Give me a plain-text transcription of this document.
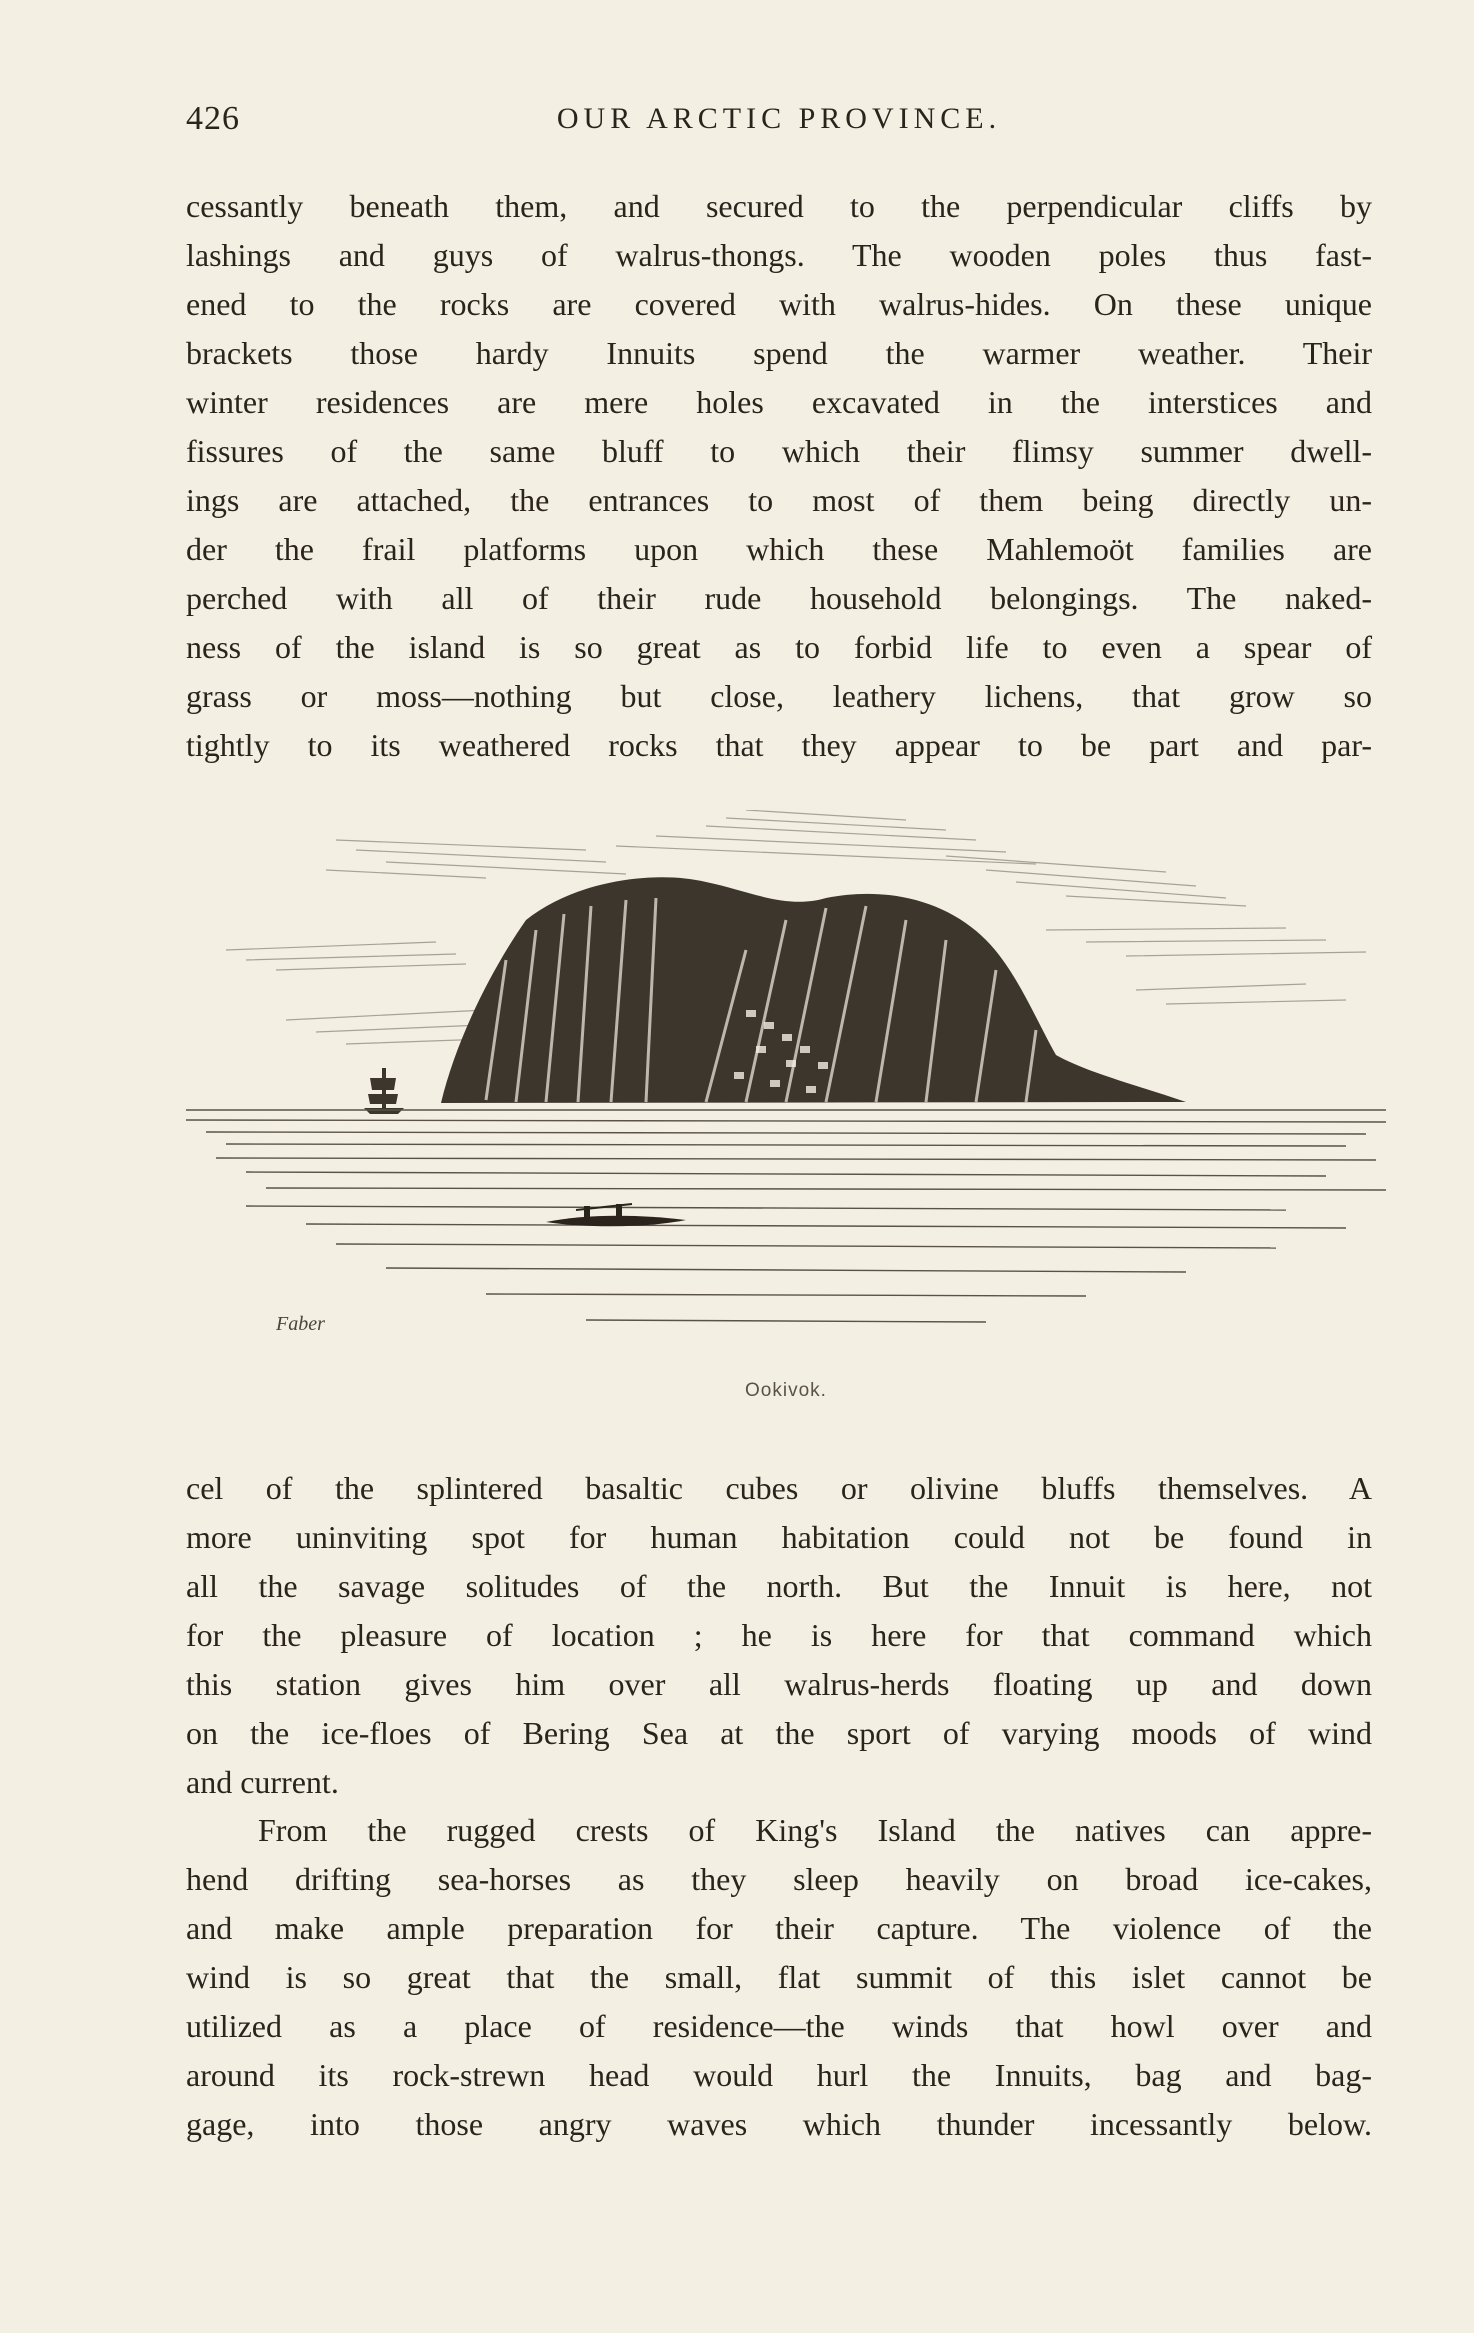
426	OUR ARCTIC PROVINCE.

cessantly beneath them, and secured to the perpendicular cliffs by
lashings and guys of walrus-thongs. The wooden poles thus fast-
ened to the rocks are covered with walrus-hides. On these unique
brackets those hardy Innuits spend the warmer weather. Their
winter residences are mere holes excavated in the interstices and
fissures of the same bluff to which their flimsy summer dwell-
ings are attached, the entrances to most of them being directly un-
der the frail platforms upon which these Mahlemoöt families are
perched with all of their rude household belongings. The naked-
ness of the island is so great as to forbid life to even a spear of
grass or moss—nothing but close, leathery lichens, that grow so
tightly to its weathered rocks that they appear to be part and par-

Faber
Ookivok.

cel of the splintered basaltic cubes or olivine bluffs themselves. A
more uninviting spot for human habitation could not be found in
all the savage solitudes of the north. But the Innuit is here, not
for the pleasure of location ; he is here for that command which
this station gives him over all walrus-herds floating up and down
on the ice-floes of Bering Sea at the sport of varying moods of wind
and current.

From the rugged crests of King's Island the natives can appre-
hend drifting sea-horses as they sleep heavily on broad ice-cakes,
and make ample preparation for their capture. The violence of the
wind is so great that the small, flat summit of this islet cannot be
utilized as a place of residence—the winds that howl over and
around its rock-strewn head would hurl the Innuits, bag and bag-
gage, into those angry waves which thunder incessantly below.
